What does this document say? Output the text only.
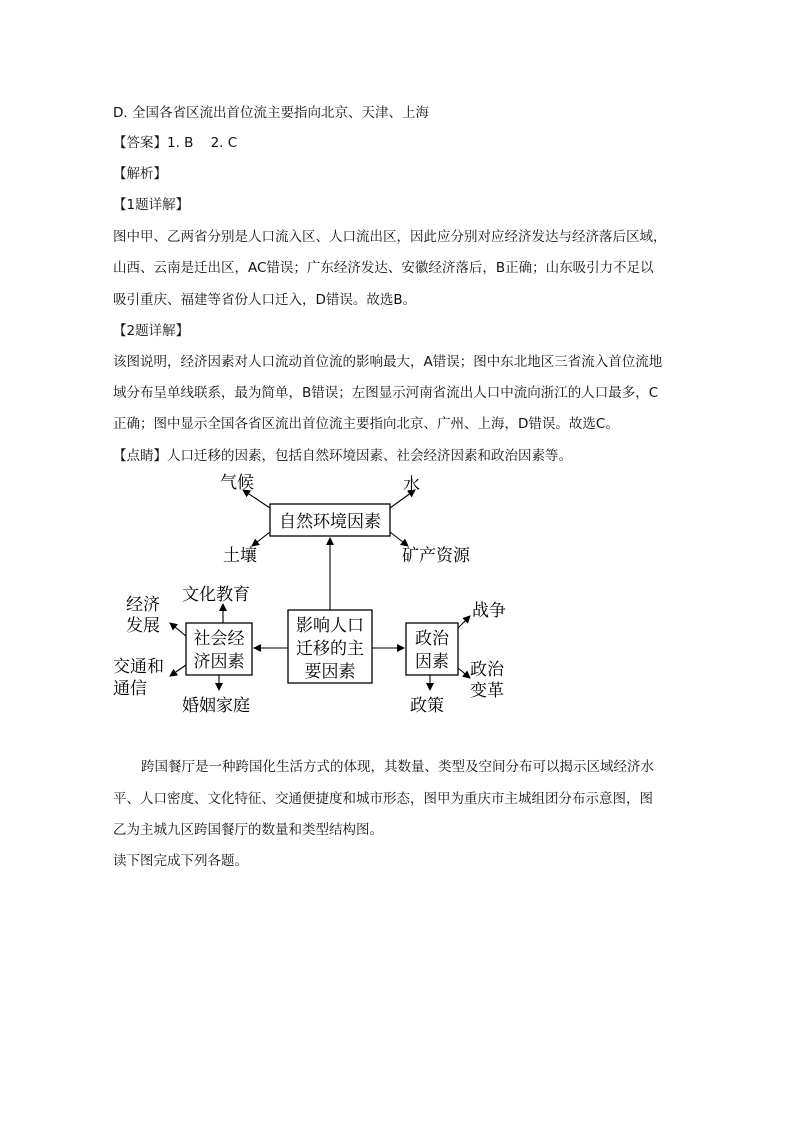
D. 全国各省区流出首位流主要指向北京、天津、上海
【答案】1. B    2. C
【解析】
【1题详解】
图中甲、乙两省分别是人口流入区、人口流出区，因此应分别对应经济发达与经济落后区域，
山西、云南是迁出区，AC错误；广东经济发达、安徽经济落后，B正确；山东吸引力不足以
吸引重庆、福建等省份人口迁入，D错误。故选B。
【2题详解】
该图说明，经济因素对人口流动首位流的影响最大，A错误；图中东北地区三省流入首位流地
域分布呈单线联系，最为简单，B错误；左图显示河南省流出人口中流向浙江的人口最多，C
正确；图中显示全国各省区流出首位流主要指向北京、广州、上海，D错误。故选C。
【点睛】人口迁移的因素，包括自然环境因素、社会经济因素和政治因素等。
自然环境因素
气候	水
土壤	矿产资源
影响人口
迁移的主
要因素
社会经
济因素
文化教育
经济
发展
交通和
通信
婚姻家庭
政治
因素
战争
政治
变革
政策
跨国餐厅是一种跨国化生活方式的体现，其数量、类型及空间分布可以揭示区域经济水
平、人口密度、文化特征、交通便捷度和城市形态，图甲为重庆市主城组团分布示意图，图
乙为主城九区跨国餐厅的数量和类型结构图。
读下图完成下列各题。
